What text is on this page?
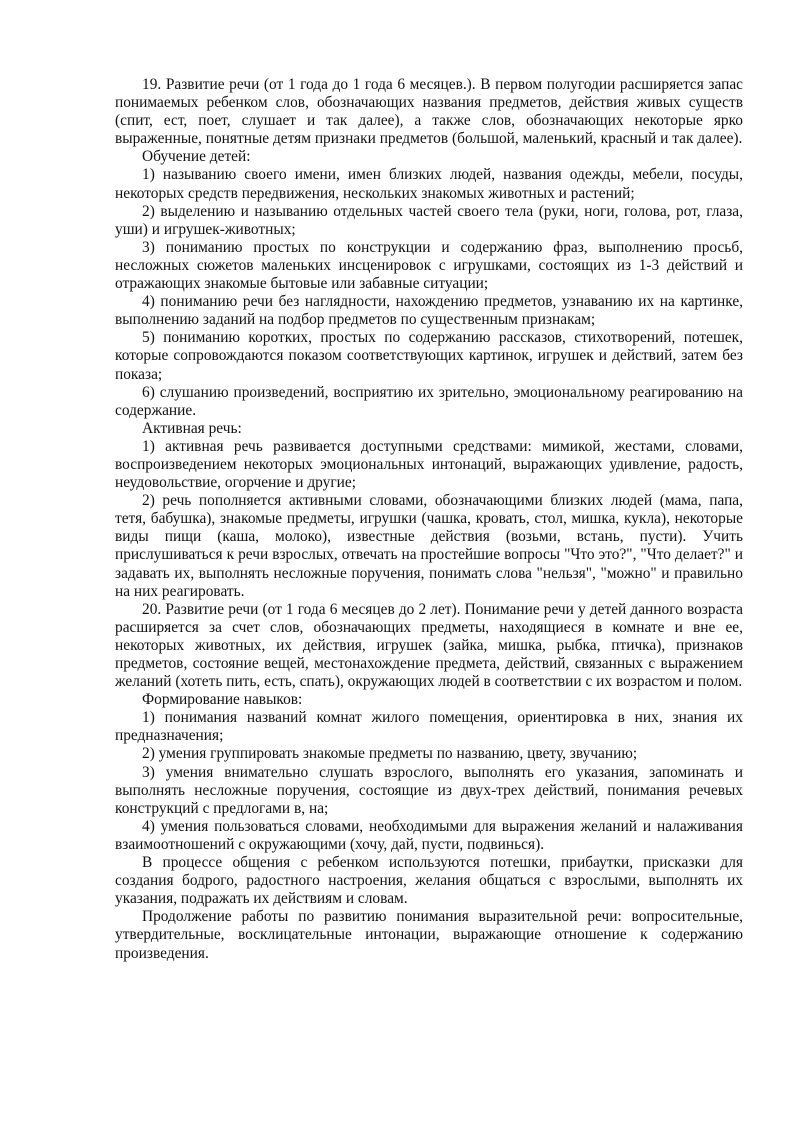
19. Развитие речи (от 1 года до 1 года 6 месяцев.). В первом полугодии расширяется запас понимаемых ребенком слов, обозначающих названия предметов, действия живых существ (спит, ест, поет, слушает и так далее), а также слов, обозначающих некоторые ярко выраженные, понятные детям признаки предметов (большой, маленький, красный и так далее).

Обучение детей:

1) называнию своего имени, имен близких людей, названия одежды, мебели, посуды, некоторых средств передвижения, нескольких знакомых животных и растений;

2) выделению и называнию отдельных частей своего тела (руки, ноги, голова, рот, глаза, уши) и игрушек-животных;

3) пониманию простых по конструкции и содержанию фраз, выполнению просьб, несложных сюжетов маленьких инсценировок с игрушками, состоящих из 1-3 действий и отражающих знакомые бытовые или забавные ситуации;

4) пониманию речи без наглядности, нахождению предметов, узнаванию их на картинке, выполнению заданий на подбор предметов по существенным признакам;

5) пониманию коротких, простых по содержанию рассказов, стихотворений, потешек, которые сопровождаются показом соответствующих картинок, игрушек и действий, затем без показа;

6) слушанию произведений, восприятию их зрительно, эмоциональному реагированию на содержание.

Активная речь:

1) активная речь развивается доступными средствами: мимикой, жестами, словами, воспроизведением некоторых эмоциональных интонаций, выражающих удивление, радость, неудовольствие, огорчение и другие;

2) речь пополняется активными словами, обозначающими близких людей (мама, папа, тетя, бабушка), знакомые предметы, игрушки (чашка, кровать, стол, мишка, кукла), некоторые виды пищи (каша, молоко), известные действия (возьми, встань, пусти). Учить прислушиваться к речи взрослых, отвечать на простейшие вопросы "Что это?", "Что делает?" и задавать их, выполнять несложные поручения, понимать слова "нельзя", "можно" и правильно на них реагировать.

20. Развитие речи (от 1 года 6 месяцев до 2 лет). Понимание речи у детей данного возраста расширяется за счет слов, обозначающих предметы, находящиеся в комнате и вне ее, некоторых животных, их действия, игрушек (зайка, мишка, рыбка, птичка), признаков предметов, состояние вещей, местонахождение предмета, действий, связанных с выражением желаний (хотеть пить, есть, спать), окружающих людей в соответствии с их возрастом и полом.

Формирование навыков:

1) понимания названий комнат жилого помещения, ориентировка в них, знания их предназначения;

2) умения группировать знакомые предметы по названию, цвету, звучанию;

3) умения внимательно слушать взрослого, выполнять его указания, запоминать и выполнять несложные поручения, состоящие из двух-трех действий, понимания речевых конструкций с предлогами в, на;

4) умения пользоваться словами, необходимыми для выражения желаний и налаживания взаимоотношений с окружающими (хочу, дай, пусти, подвинься).

В процессе общения с ребенком используются потешки, прибаутки, присказки для создания бодрого, радостного настроения, желания общаться с взрослыми, выполнять их указания, подражать их действиям и словам.

Продолжение работы по развитию понимания выразительной речи: вопросительные, утвердительные, восклицательные интонации, выражающие отношение к содержанию произведения.
